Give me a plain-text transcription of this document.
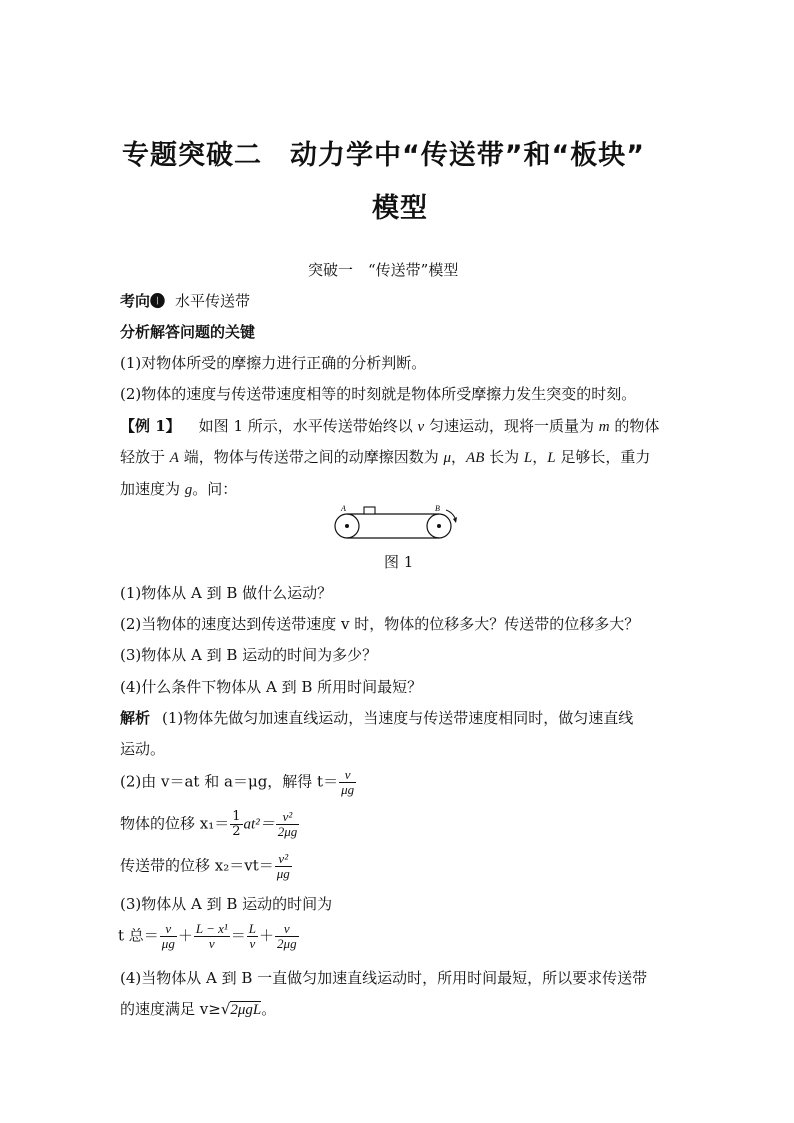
专题突破二　动力学中“传送带”和“板块”
模型
突破一　“传送带”模型
考向❶ 水平传送带
分析解答问题的关键
(1)对物体所受的摩擦力进行正确的分析判断。
(2)物体的速度与传送带速度相等的时刻就是物体所受摩擦力发生突变的时刻。
【例 1】 如图 1 所示，水平传送带始终以 v 匀速运动，现将一质量为 m 的物体
轻放于 A 端，物体与传送带之间的动摩擦因数为 μ，AB 长为 L，L 足够长，重力
加速度为 g。问：
A	B
图 1
(1)物体从 A 到 B 做什么运动？
(2)当物体的速度达到传送带速度 v 时，物体的位移多大？传送带的位移多大？
(3)物体从 A 到 B 运动的时间为多少？
(4)什么条件下物体从 A 到 B 所用时间最短？
解析 (1)物体先做匀加速直线运动，当速度与传送带速度相同时，做匀速直线
运动。
(2)由 v＝at 和 a＝μg，解得 $t= \frac{v}{\mu g}$
物体的位移 $x_1= \frac{1}{2} at^2= \frac{\text{v²}}{2\mu g}$
传送带的位移 $x_2=vt= \frac{\text{v²}}{\mu g}$
(3)物体从 A 到 B 运动的时间为
t 总＝ $\frac{v}{\mu g} + \frac{\text{L − x¹}}{v} = \frac{L}{v} + \frac{v}{2\mu g}$
(4)当物体从 A 到 B 一直做匀加速直线运动时，所用时间最短，所以要求传送带
的速度满足 v≥√2μgL。
